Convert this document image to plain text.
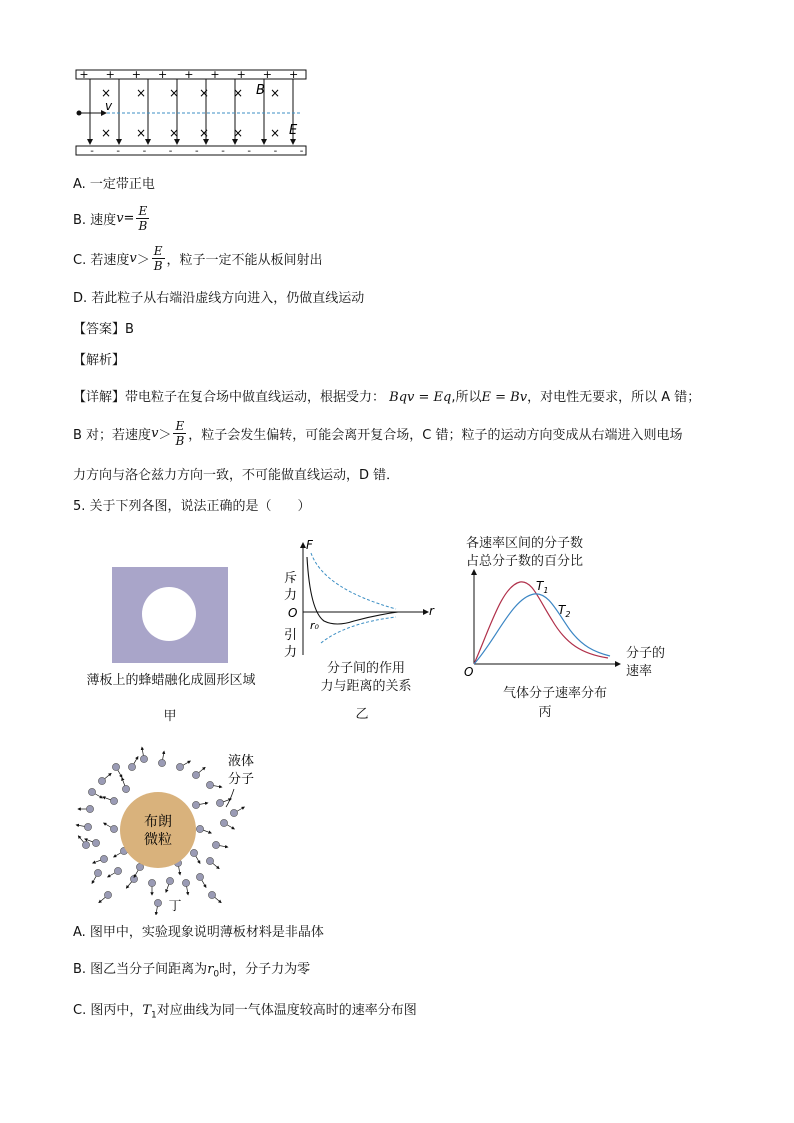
+ + + + + + + + +
- - - - - - - - -
× × × × × ×
× × × × × ×
v
B
E
A. 一定带正电
B. 速度 $v = \frac{E}{B}$
C. 若速度 $v > \frac{E}{B}$ ，粒子一定不能从板间射出
D. 若此粒子从右端沿虚线方向进入，仍做直线运动
【答案】B
【解析】
【详解】带电粒子在复合场中做直线运动，根据受力： Bqv = Eq,所以E = Bv，对电性无要求，所以 A 错；
B 对；若速度 $v > \frac{E}{B}$ ，粒子会发生偏转，可能会离开复合场，C 错；粒子的运动方向变成从右端进入则电场
力方向与洛仑兹力方向一致，不可能做直线运动，D 错．
5. 关于下列各图，说法正确的是（　　）
薄板上的蜂蜡融化成圆形区域
甲
F
r
O
r₀
斥
力
引
力
分子间的作用
力与距离的关系
乙
各速率区间的分子数
占总分子数的百分比
O
$T_1$
$T_2$
分子的
速率
气体分子速率分布
丙
布朗
微粒
液体
分子
丁
A. 图甲中，实验现象说明薄板材料是非晶体
B. 图乙当分子间距离为$r_0$时，分子力为零
C. 图丙中，$T_1$对应曲线为同一气体温度较高时的速率分布图
